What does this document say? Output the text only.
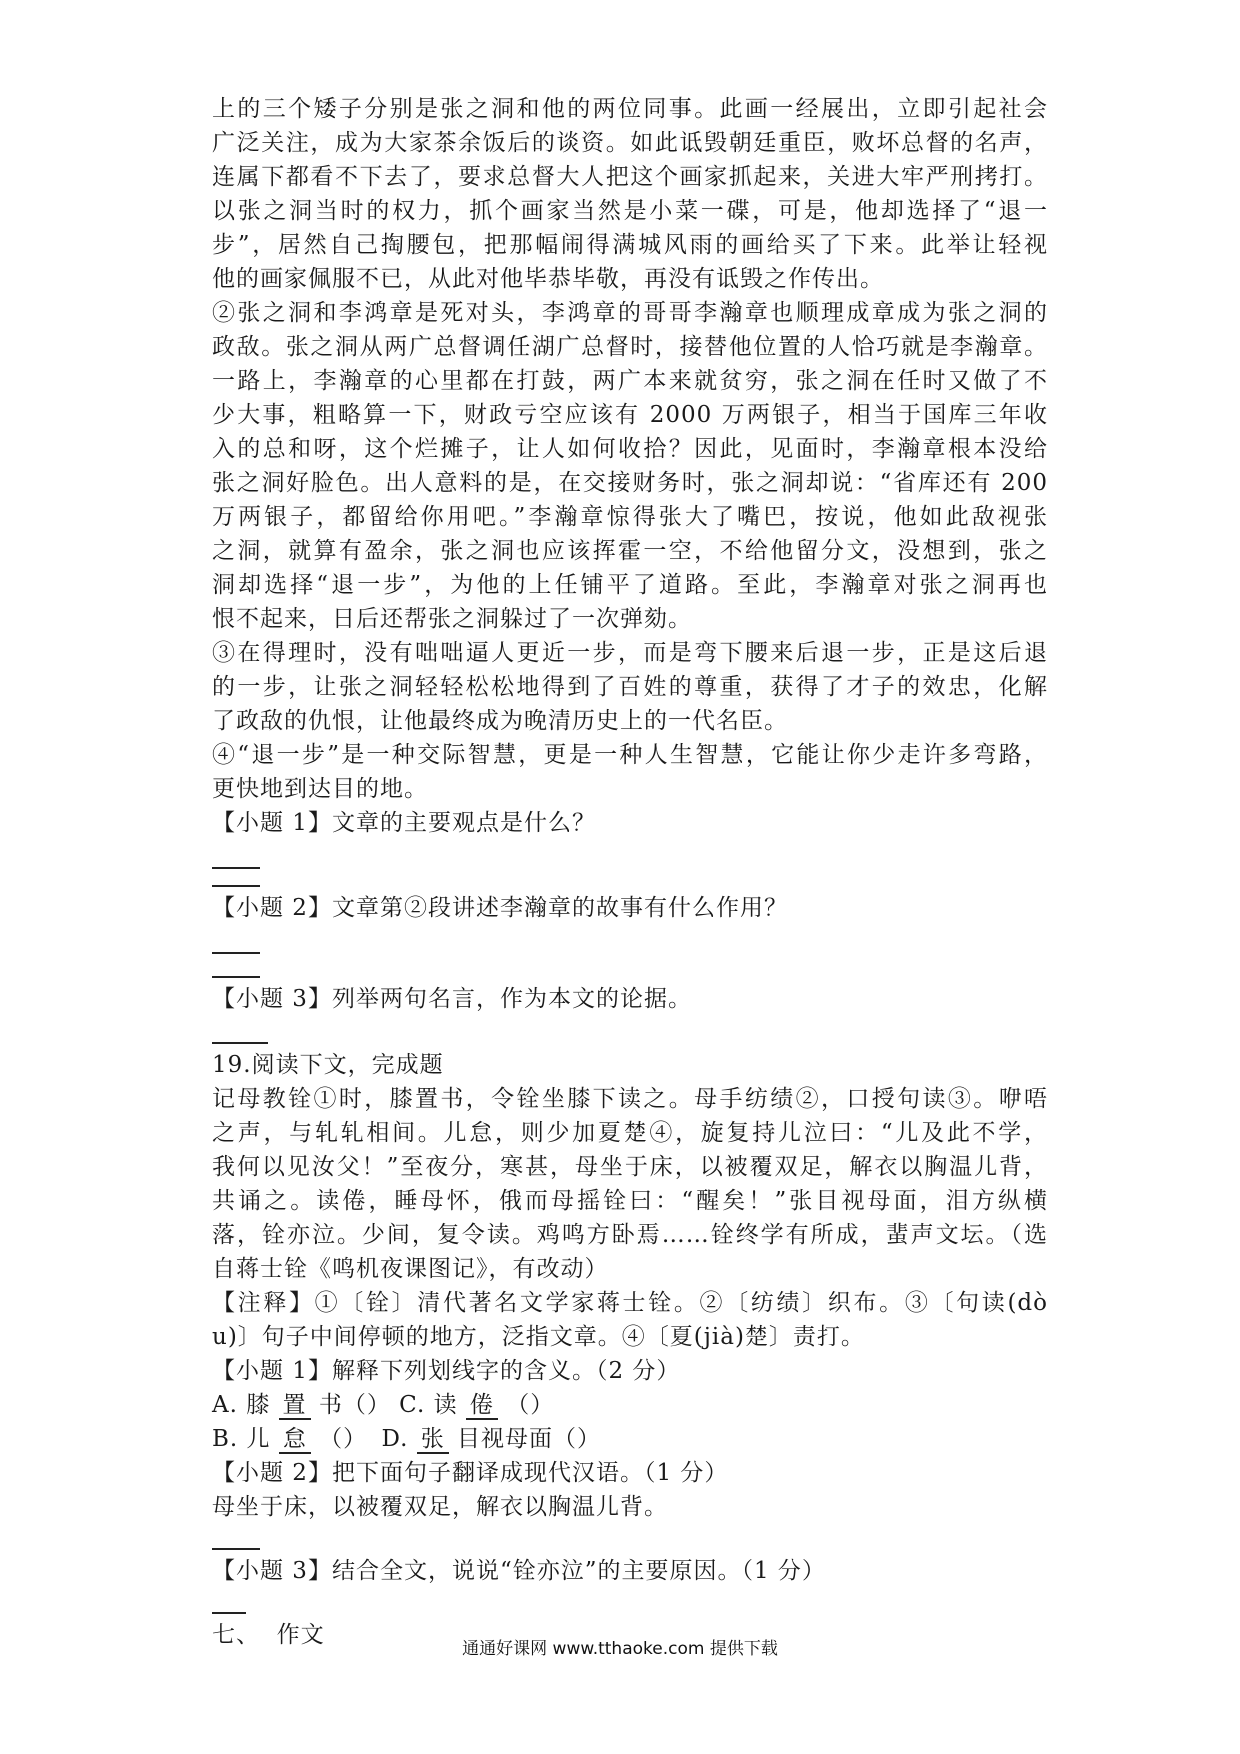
上的三个矮子分别是张之洞和他的两位同事。此画一经展出，立即引起社会
广泛关注，成为大家茶余饭后的谈资。如此诋毁朝廷重臣，败坏总督的名声，
连属下都看不下去了，要求总督大人把这个画家抓起来，关进大牢严刑拷打。
以张之洞当时的权力，抓个画家当然是小菜一碟，可是，他却选择了“退一
步”，居然自己掏腰包，把那幅闹得满城风雨的画给买了下来。此举让轻视
他的画家佩服不已，从此对他毕恭毕敬，再没有诋毁之作传出。
②张之洞和李鸿章是死对头，李鸿章的哥哥李瀚章也顺理成章成为张之洞的
政敌。张之洞从两广总督调任湖广总督时，接替他位置的人恰巧就是李瀚章。
一路上，李瀚章的心里都在打鼓，两广本来就贫穷，张之洞在任时又做了不
少大事，粗略算一下，财政亏空应该有 2000 万两银子，相当于国库三年收
入的总和呀，这个烂摊子，让人如何收拾？因此，见面时，李瀚章根本没给
张之洞好脸色。出人意料的是，在交接财务时，张之洞却说：“省库还有 200
万两银子，都留给你用吧。”李瀚章惊得张大了嘴巴，按说，他如此敌视张
之洞，就算有盈余，张之洞也应该挥霍一空，不给他留分文，没想到，张之
洞却选择“退一步”，为他的上任铺平了道路。至此，李瀚章对张之洞再也
恨不起来，日后还帮张之洞躲过了一次弹劾。
③在得理时，没有咄咄逼人更近一步，而是弯下腰来后退一步，正是这后退
的一步，让张之洞轻轻松松地得到了百姓的尊重，获得了才子的效忠，化解
了政敌的仇恨，让他最终成为晚清历史上的一代名臣。
④“退一步”是一种交际智慧，更是一种人生智慧，它能让你少走许多弯路，
更快地到达目的地。
【小题 1】文章的主要观点是什么？
【小题 2】文章第②段讲述李瀚章的故事有什么作用？
【小题 3】列举两句名言，作为本文的论据。
19.阅读下文，完成题
记母教铨①时，膝置书，令铨坐膝下读之。母手纺绩②，口授句读③。咿唔
之声，与轧轧相间。儿怠，则少加夏楚④，旋复持儿泣曰：“儿及此不学，
我何以见汝父！”至夜分，寒甚，母坐于床，以被覆双足，解衣以胸温儿背，
共诵之。读倦，睡母怀，俄而母摇铨曰：“醒矣！”张目视母面，泪方纵横
落，铨亦泣。少间，复令读。鸡鸣方卧焉……铨终学有所成，蜚声文坛。（选
自蒋士铨《鸣机夜课图记》，有改动）
【注释】①〔铨〕清代著名文学家蒋士铨。②〔纺绩〕织布。③〔句读(dò
u)〕句子中间停顿的地方，泛指文章。④〔夏(jià)楚〕责打。
【小题 1】解释下列划线字的含义。（2 分）
A. 膝 置 书（） C. 读 倦 （）
B. 儿 怠 （） D. 张 目视母面（）
【小题 2】把下面句子翻译成现代汉语。（1 分）
母坐于床，以被覆双足，解衣以胸温儿背。
【小题 3】结合全文，说说“铨亦泣”的主要原因。（1 分）
七、  作文
通通好课网 www.tthaoke.com 提供下载
